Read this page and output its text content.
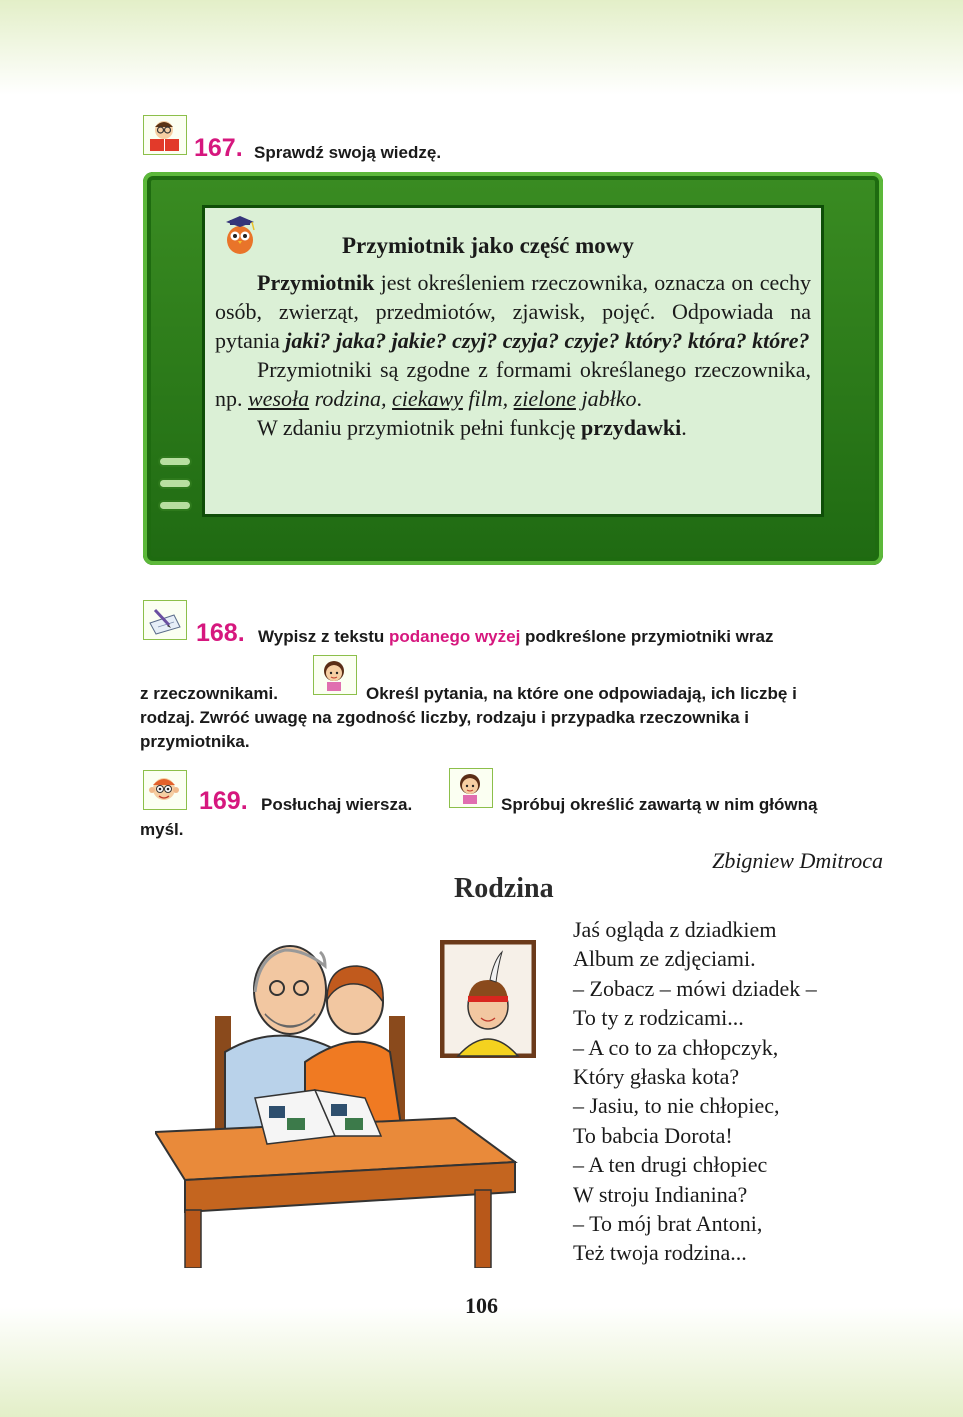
167. Sprawdź swoją wiedzę.
Przymiotnik jako część mowy

Przymiotnik jest określeniem rzeczownika, oznacza on cechy osób, zwierząt, przedmiotów, zjawisk, pojęć. Odpowiada na pytania jaki? jaka? jakie? czyj? czyja? czyje? który? która? które?

Przymiotniki są zgodne z formami określanego rzeczownika, np. wesoła rodzina, ciekawy film, zielone jabłko.

W zdaniu przymiotnik pełni funkcję przydawki.

168. Wypisz z tekstu podanego wyżej podkreślone przymiotniki wraz
z rzeczownikami.	Określ pytania, na które one odpowiadają, ich liczbę i
rodzaj. Zwróć uwagę na zgodność liczby, rodzaju i przypadka rzeczownika i
przymiotnika.
169. Posłuchaj wiersza.	Spróbuj określić zawartą w nim główną
myśl.
Zbigniew Dmitroca
Rodzina
Jaś ogląda z dziadkiem
Album ze zdjęciami.
– Zobacz – mówi dziadek –
To ty z rodzicami...
– A co to za chłopczyk,
Który głaska kota?
– Jasiu, to nie chłopiec,
To babcia Dorota!
– A ten drugi chłopiec
W stroju Indianina?
– To mój brat Antoni,
Też twoja rodzina...
106
